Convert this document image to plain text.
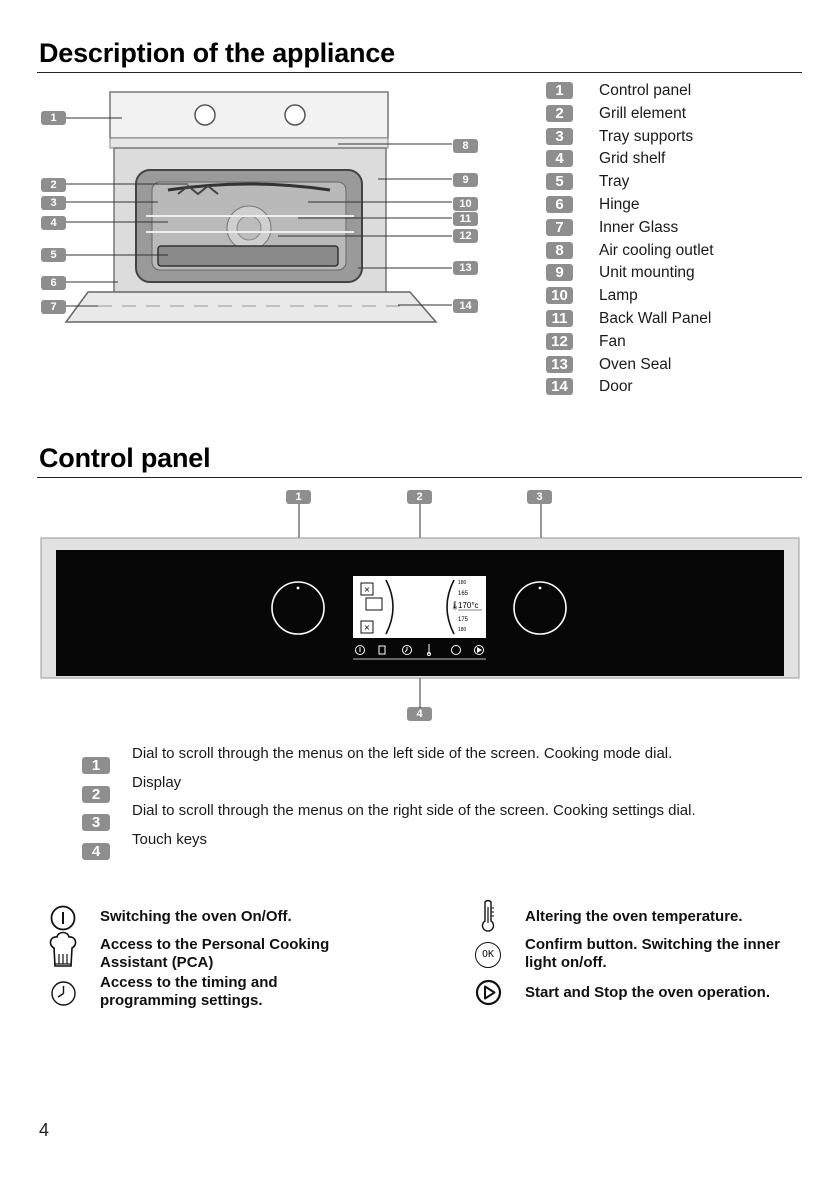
Description of the appliance
1
2
3
4
5
6
7
8
9
10
11
12
13
14
1	Control panel
2	Grill element
3	Tray supports
4	Grid shelf
5	Tray
6	Hinge
7	Inner Glass
8	Air cooling outlet
9	Unit mounting
10	Lamp
11	Back Wall Panel
12	Fan
13	Oven Seal
14	Door
Control panel
1	2	3
4
×
×
180
165
🌡
170°c
175
180
1
Dial to scroll through the menus on the left side of the screen. Cooking mode dial.
2
Display
3
Dial to scroll through the menus on the right side of the screen. Cooking settings dial.
4
Touch keys
Switching the oven On/Off.
Access to the Personal Cooking
Assistant (PCA)
Access to the timing and
programming settings.
Altering the oven temperature.
Confirm button. Switching the inner
light on/off.
Start and Stop the oven operation.
OK
4
